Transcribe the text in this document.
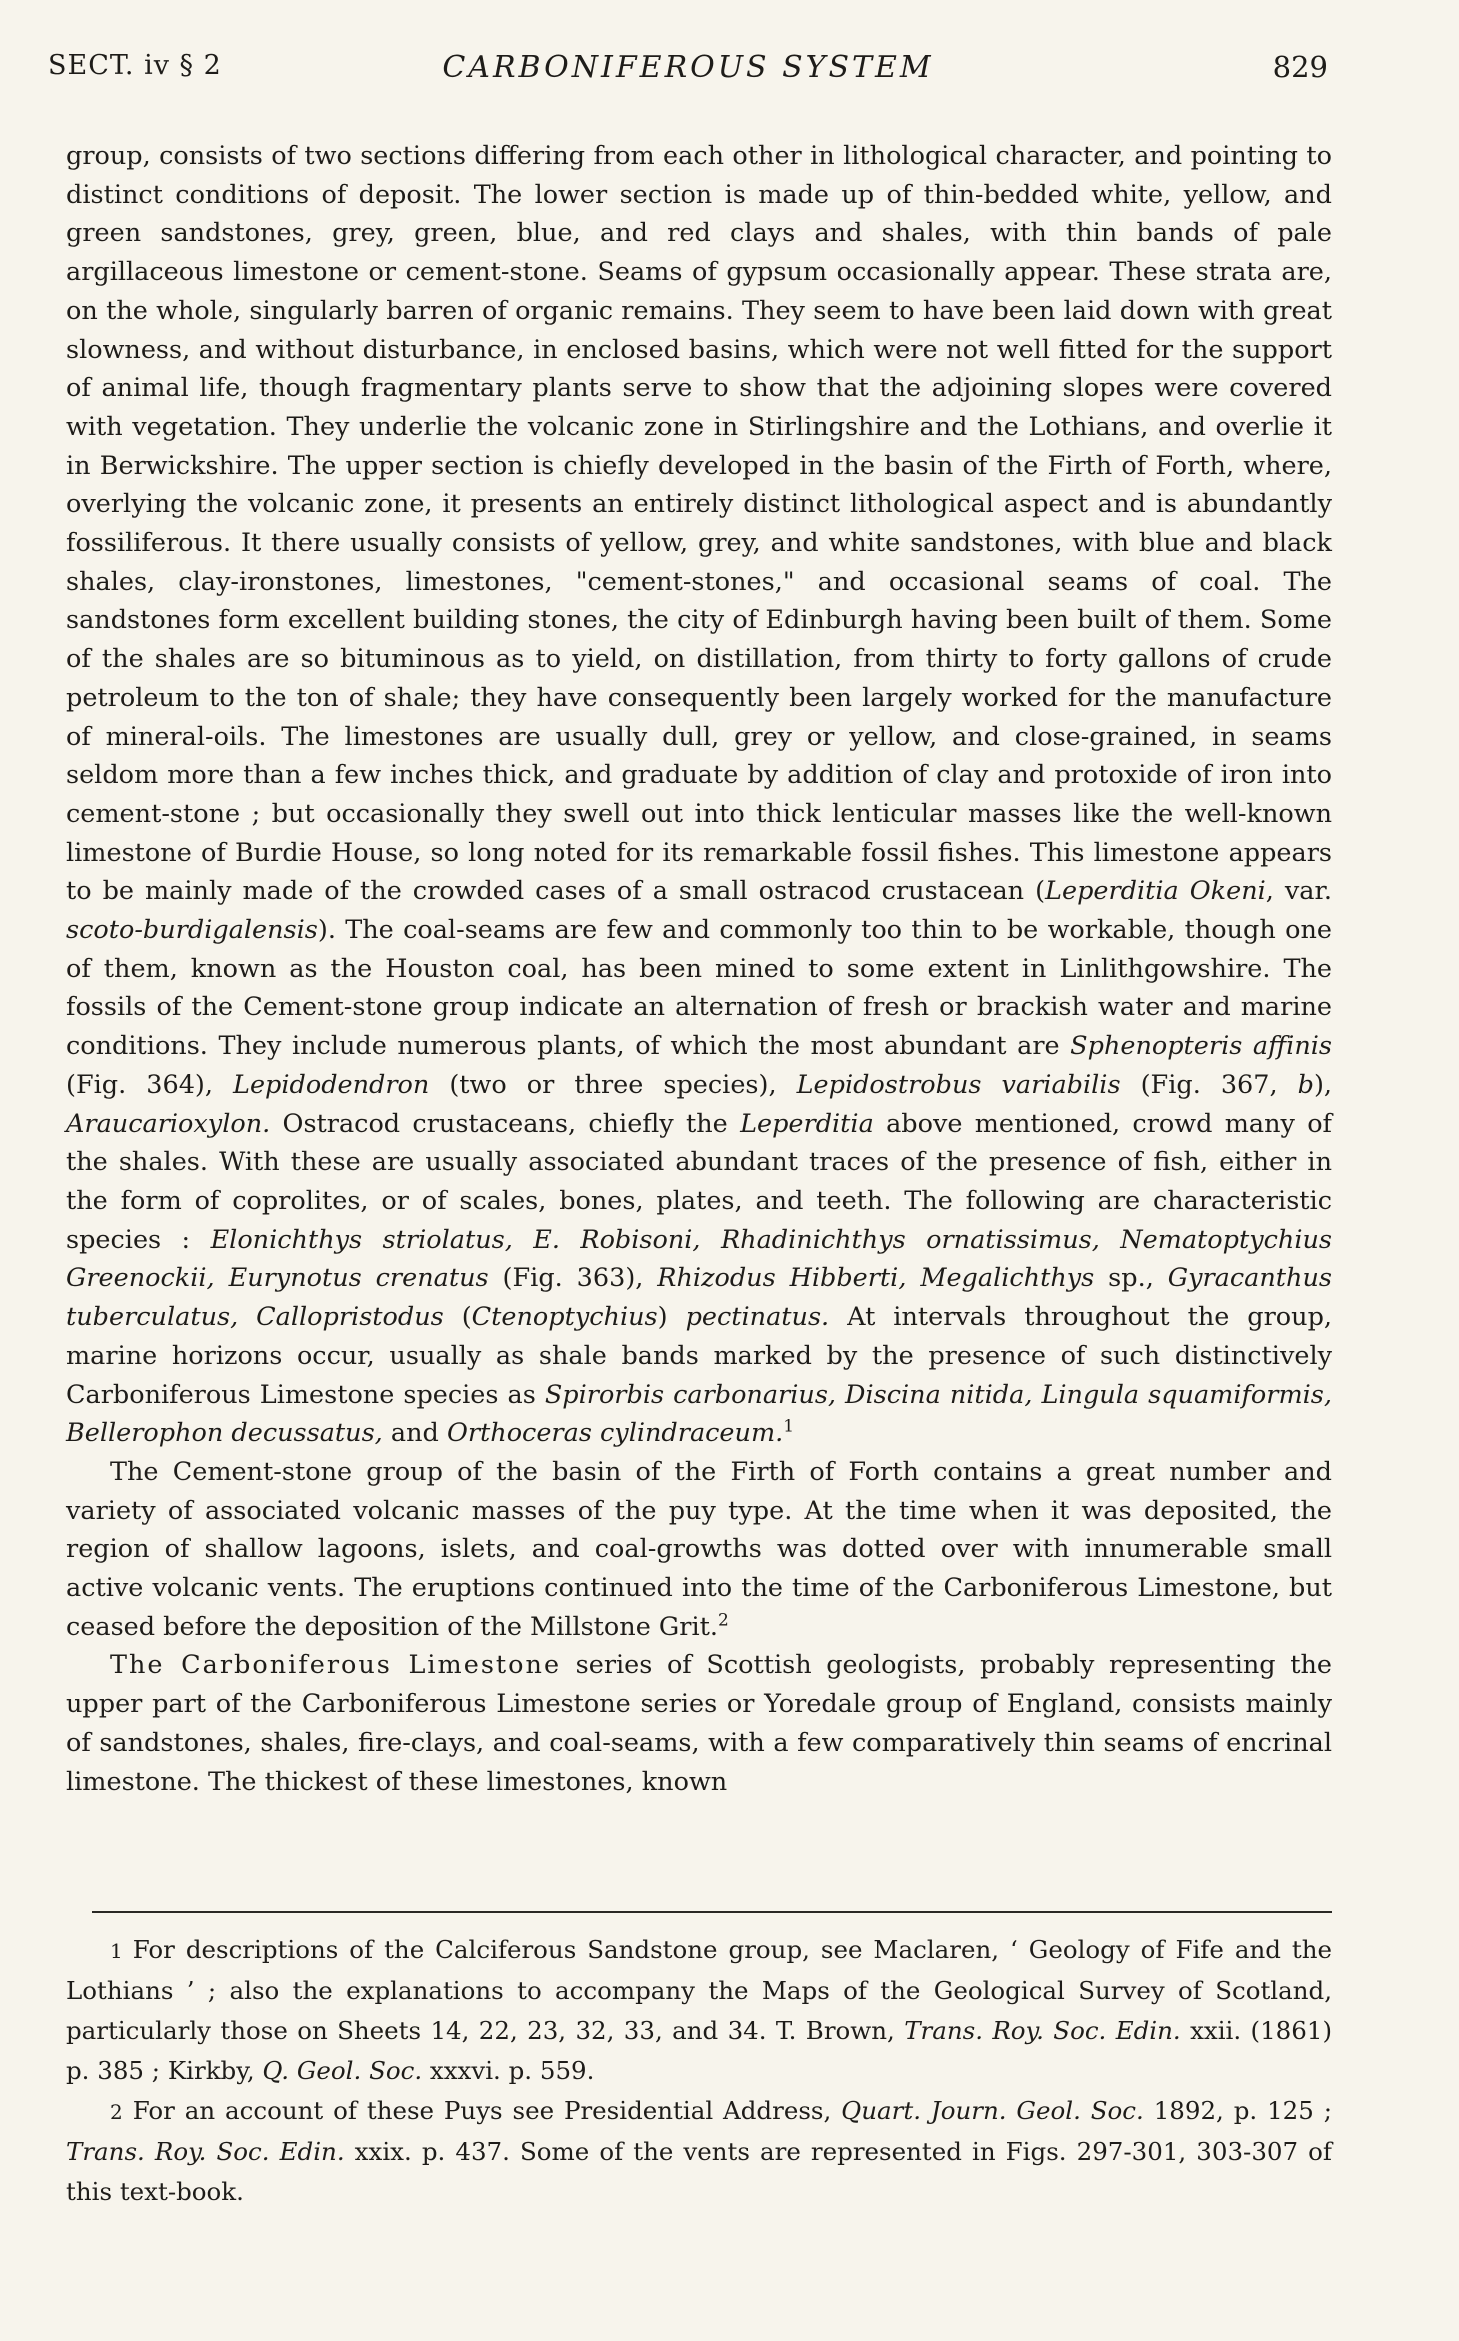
SECT. iv § 2	CARBONIFEROUS SYSTEM	829

group, consists of two sections differing from each other in lithological character, and pointing to distinct conditions of deposit. The lower section is made up of thin-bedded white, yellow, and green sandstones, grey, green, blue, and red clays and shales, with thin bands of pale argillaceous limestone or cement-stone. Seams of gypsum occasionally appear. These strata are, on the whole, singularly barren of organic remains. They seem to have been laid down with great slowness, and without disturbance, in enclosed basins, which were not well fitted for the support of animal life, though fragmentary plants serve to show that the adjoining slopes were covered with vegetation. They underlie the volcanic zone in Stirlingshire and the Lothians, and overlie it in Berwickshire. The upper section is chiefly developed in the basin of the Firth of Forth, where, overlying the volcanic zone, it presents an entirely distinct lithological aspect and is abundantly fossiliferous. It there usually consists of yellow, grey, and white sandstones, with blue and black shales, clay-ironstones, limestones, "cement-stones," and occasional seams of coal. The sandstones form excellent building stones, the city of Edinburgh having been built of them. Some of the shales are so bituminous as to yield, on distillation, from thirty to forty gallons of crude petroleum to the ton of shale; they have consequently been largely worked for the manufacture of mineral-oils. The limestones are usually dull, grey or yellow, and close-grained, in seams seldom more than a few inches thick, and graduate by addition of clay and protoxide of iron into cement-stone ; but occasionally they swell out into thick lenticular masses like the well-known limestone of Burdie House, so long noted for its remarkable fossil fishes. This limestone appears to be mainly made of the crowded cases of a small ostracod crustacean (Leperditia Okeni, var. scoto-burdigalensis). The coal-seams are few and commonly too thin to be workable, though one of them, known as the Houston coal, has been mined to some extent in Linlithgowshire. The fossils of the Cement-stone group indicate an alternation of fresh or brackish water and marine conditions. They include numerous plants, of which the most abundant are Sphenopteris affinis (Fig. 364), Lepidodendron (two or three species), Lepidostrobus variabilis (Fig. 367, b), Araucarioxylon. Ostracod crustaceans, chiefly the Leperditia above mentioned, crowd many of the shales. With these are usually associated abundant traces of the presence of fish, either in the form of coprolites, or of scales, bones, plates, and teeth. The following are characteristic species : Elonichthys striolatus, E. Robisoni, Rhadinichthys ornatissimus, Nematoptychius Greenockii, Eurynotus crenatus (Fig. 363), Rhizodus Hibberti, Megalichthys sp., Gyracanthus tuberculatus, Callopristodus (Ctenoptychius) pectinatus. At intervals throughout the group, marine horizons occur, usually as shale bands marked by the presence of such distinctively Carboniferous Limestone species as Spirorbis carbonarius, Discina nitida, Lingula squamiformis, Bellerophon decussatus, and Orthoceras cylindraceum.$^1$

The Cement-stone group of the basin of the Firth of Forth contains a great number and variety of associated volcanic masses of the puy type. At the time when it was deposited, the region of shallow lagoons, islets, and coal-growths was dotted over with innumerable small active volcanic vents. The eruptions continued into the time of the Carboniferous Limestone, but ceased before the deposition of the Millstone Grit.$^2$

The Carboniferous Limestone series of Scottish geologists, probably representing the upper part of the Carboniferous Limestone series or Yoredale group of England, consists mainly of sandstones, shales, fire-clays, and coal-seams, with a few comparatively thin seams of encrinal limestone. The thickest of these limestones, known

1 For descriptions of the Calciferous Sandstone group, see Maclaren, ‘ Geology of Fife and the Lothians ’ ; also the explanations to accompany the Maps of the Geological Survey of Scotland, particularly those on Sheets 14, 22, 23, 32, 33, and 34. T. Brown, Trans. Roy. Soc. Edin. xxii. (1861) p. 385 ; Kirkby, Q. Geol. Soc. xxxvi. p. 559.

2 For an account of these Puys see Presidential Address, Quart. Journ. Geol. Soc. 1892, p. 125 ; Trans. Roy. Soc. Edin. xxix. p. 437. Some of the vents are represented in Figs. 297-301, 303-307 of this text-book.
